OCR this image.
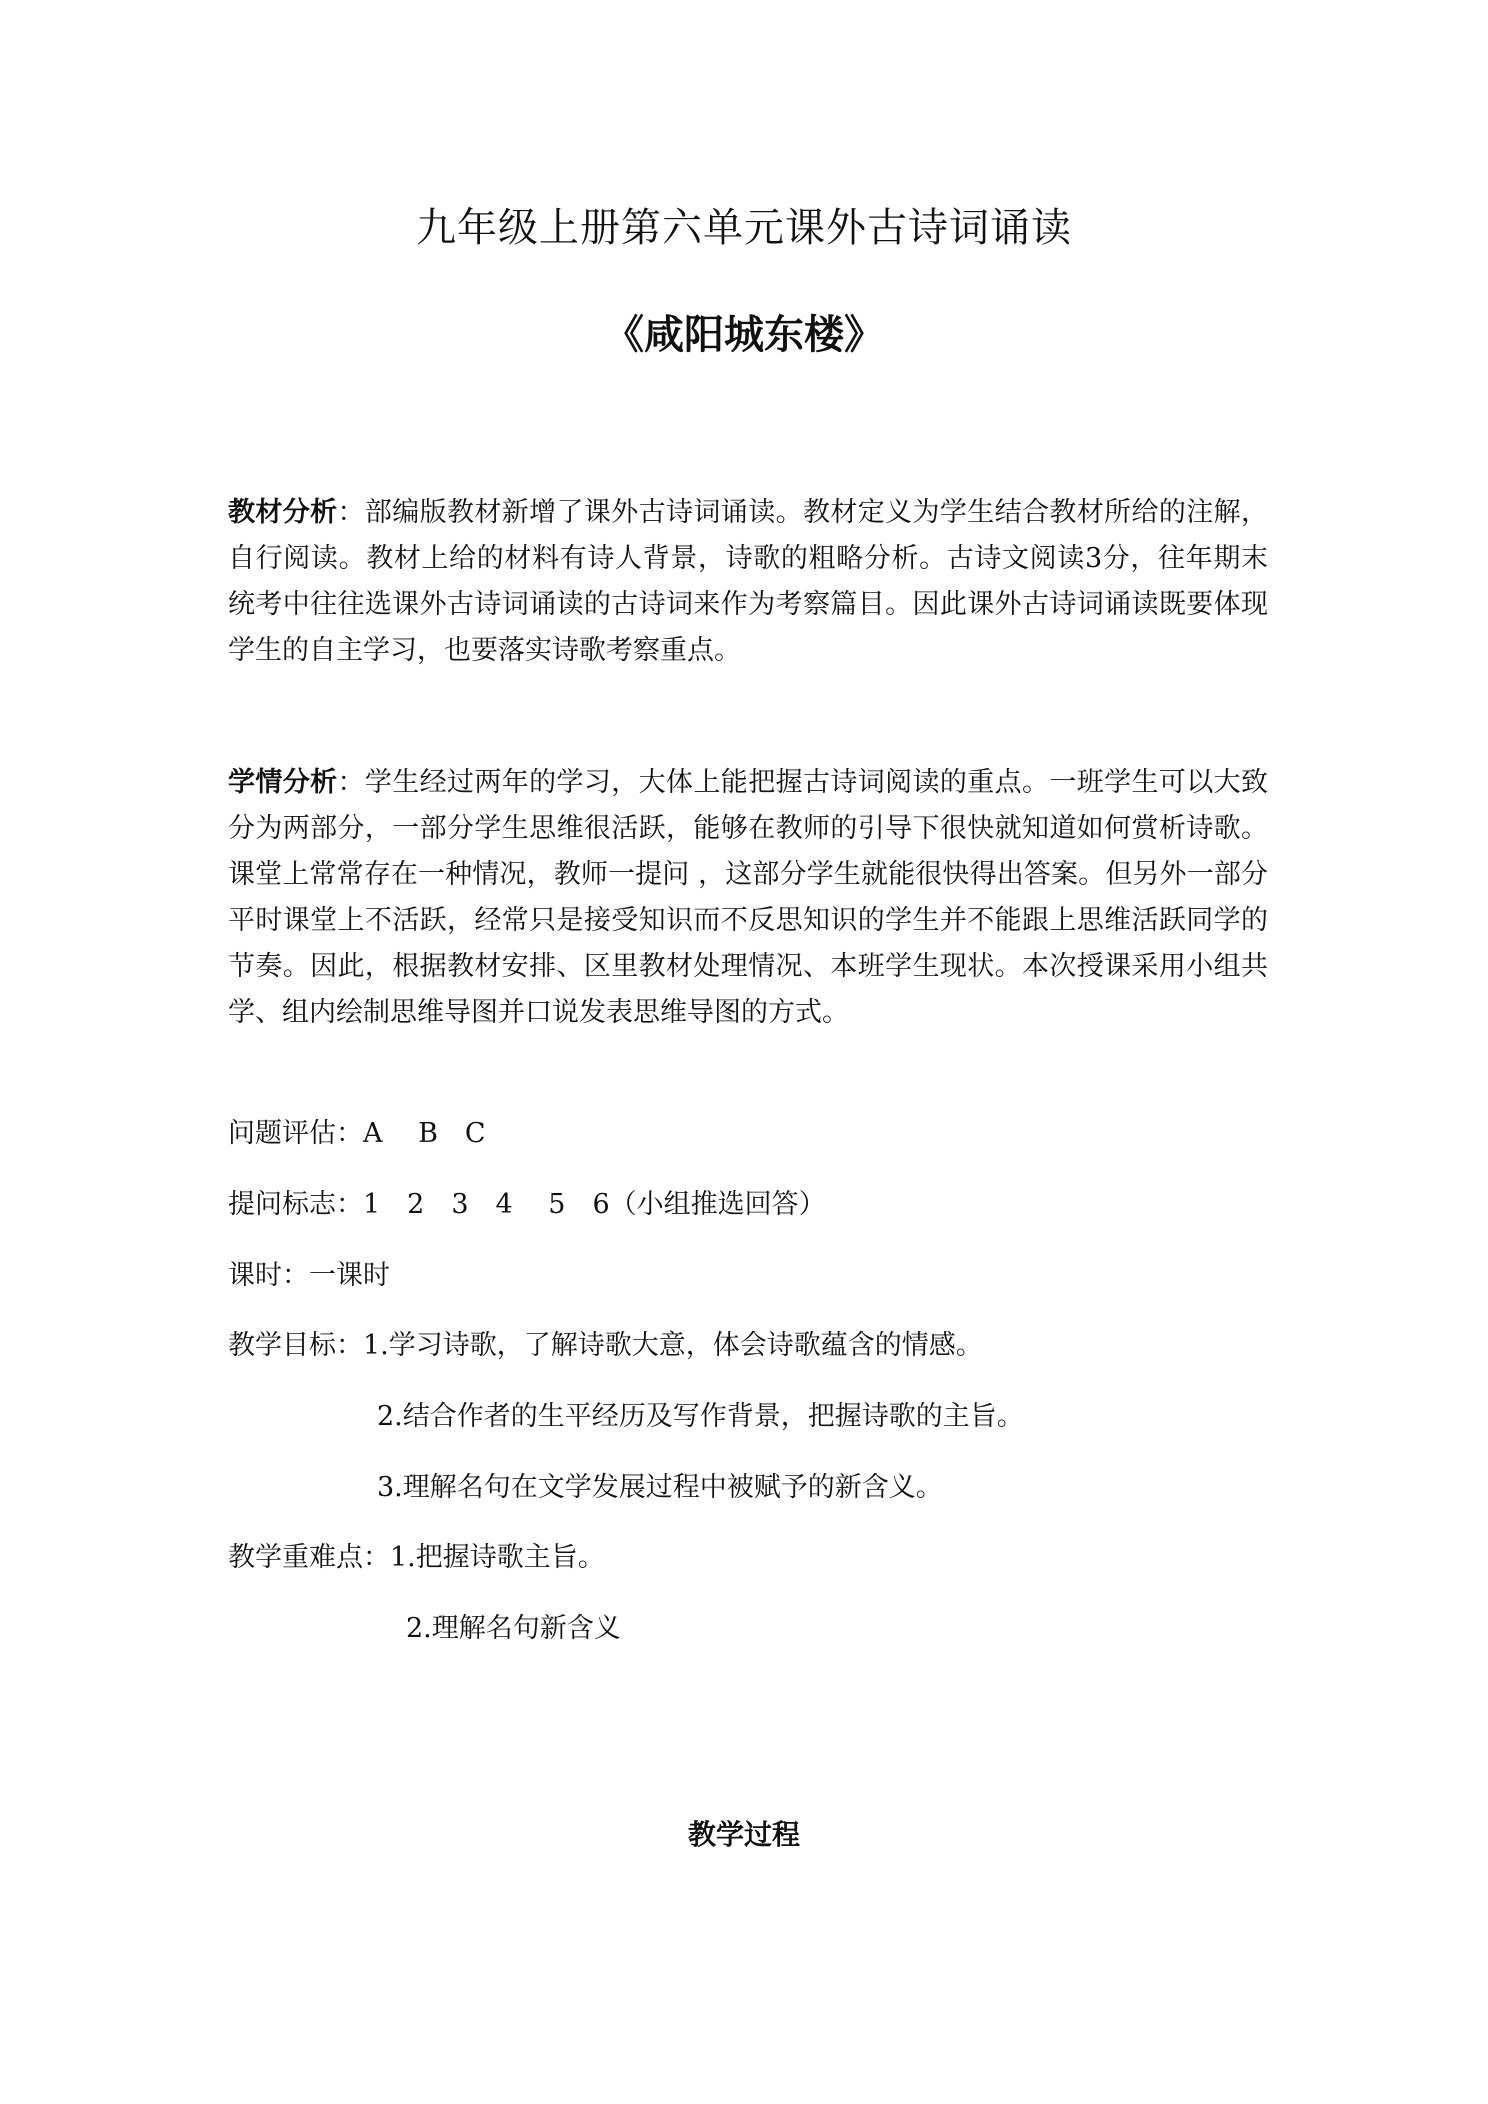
九年级上册第六单元课外古诗词诵读
《咸阳城东楼》
教材分析：部编版教材新增了课外古诗词诵读。教材定义为学生结合教材所给的注解，自行阅读。教材上给的材料有诗人背景，诗歌的粗略分析。古诗文阅读3分，往年期末统考中往往选课外古诗词诵读的古诗词来作为考察篇目。因此课外古诗词诵读既要体现学生的自主学习，也要落实诗歌考察重点。
学情分析：学生经过两年的学习，大体上能把握古诗词阅读的重点。一班学生可以大致分为两部分，一部分学生思维很活跃，能够在教师的引导下很快就知道如何赏析诗歌。课堂上常常存在一种情况，教师一提问 ，这部分学生就能很快得出答案。但另外一部分平时课堂上不活跃，经常只是接受知识而不反思知识的学生并不能跟上思维活跃同学的节奏。因此，根据教材安排、区里教材处理情况、本班学生现状。本次授课采用小组共学、组内绘制思维导图并口说发表思维导图的方式。
问题评估：A　 B　C
提问标志：1　2　3　4　 5　6（小组推选回答）
课时：一课时
教学目标：1.学习诗歌，了解诗歌大意，体会诗歌蕴含的情感。
2.结合作者的生平经历及写作背景，把握诗歌的主旨。
3.理解名句在文学发展过程中被赋予的新含义。
教学重难点：1.把握诗歌主旨。
2.理解名句新含义
教学过程
